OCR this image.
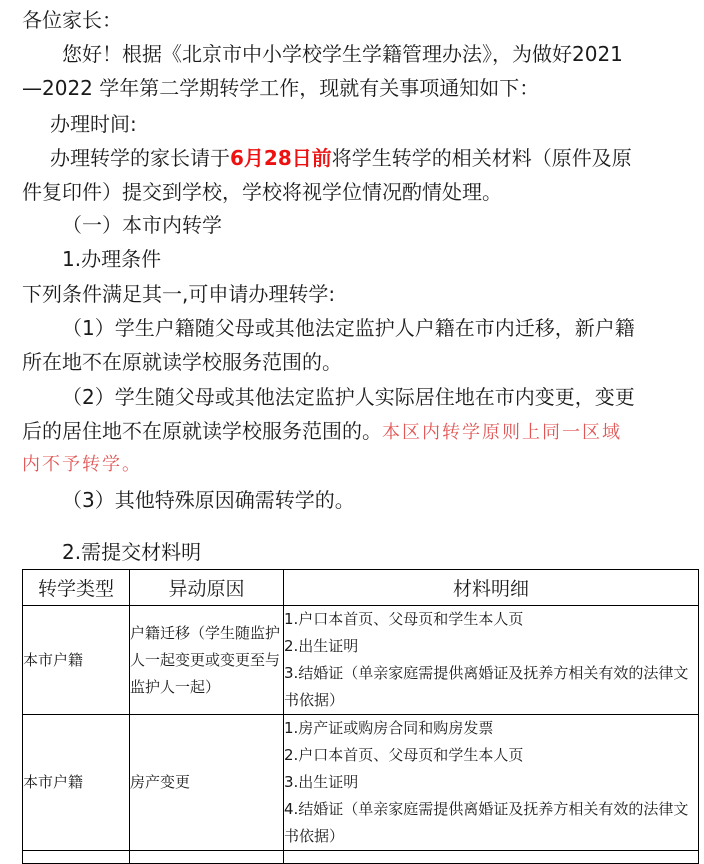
各位家长：

您好！根据《北京市中小学校学生学籍管理办法》，为做好2021

—2022 学年第二学期转学工作，现就有关事项通知如下：

办理时间:

办理转学的家长请于6月28日前将学生转学的相关材料（原件及原

件复印件）提交到学校，学校将视学位情况酌情处理。

（一）本市内转学

1.办理条件

下列条件满足其一,可申请办理转学:

（1）学生户籍随父母或其他法定监护人户籍在市内迁移，新户籍

所在地不在原就读学校服务范围的。

（2）学生随父母或其他法定监护人实际居住地在市内变更，变更

后的居住地不在原就读学校服务范围的。本区内转学原则上同一区域

内不予转学。

（3）其他特殊原因确需转学的。

2.需提交材料明

转学类型	异动原因	材料明细
本市户籍	户籍迁移（学生随监护人一起变更或变更至与监护人一起）	1.户口本首页、父母页和学生本人页
2.出生证明
3.结婚证（单亲家庭需提供离婚证及抚养方相关有效的法律文书依据）

本市户籍	房产变更	1.房产证或购房合同和购房发票
2.户口本首页、父母页和学生本人页
3.出生证明
4.结婚证（单亲家庭需提供离婚证及抚养方相关有效的法律文书依据）
